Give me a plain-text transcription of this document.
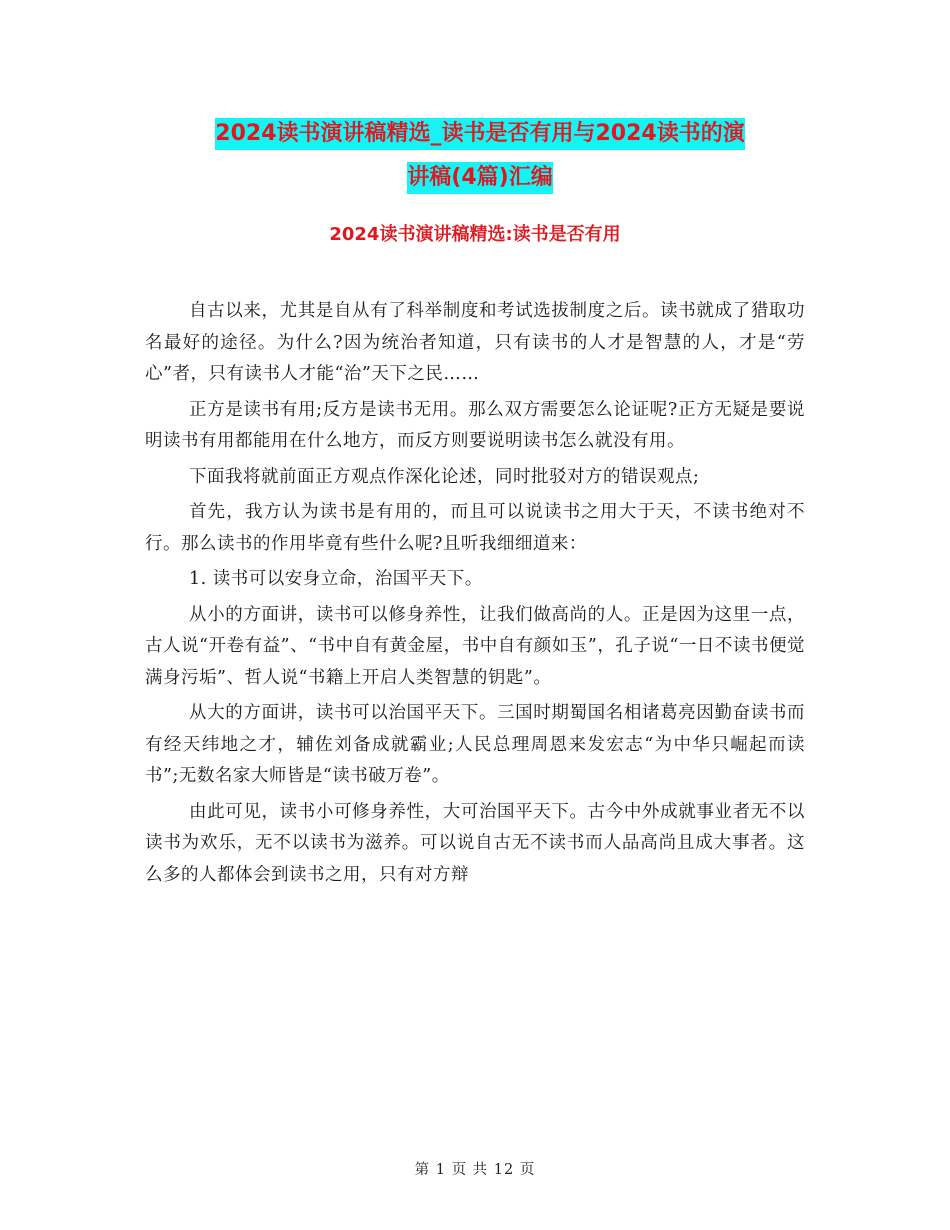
2024读书演讲稿精选_读书是否有用与2024读书的演
讲稿(4篇)汇编
2024读书演讲稿精选:读书是否有用

自古以来，尤其是自从有了科举制度和考试选拔制度之后。读书就成了猎取功名最好的途径。为什么?因为统治者知道，只有读书的人才是智慧的人，才是“劳心”者，只有读书人才能“治”天下之民……

正方是读书有用;反方是读书无用。那么双方需要怎么论证呢?正方无疑是要说明读书有用都能用在什么地方，而反方则要说明读书怎么就没有用。

下面我将就前面正方观点作深化论述，同时批驳对方的错误观点;

首先，我方认为读书是有用的，而且可以说读书之用大于天，不读书绝对不行。那么读书的作用毕竟有些什么呢?且听我细细道来：

1. 读书可以安身立命，治国平天下。

从小的方面讲，读书可以修身养性，让我们做高尚的人。正是因为这里一点，古人说“开卷有益”、“书中自有黄金屋，书中自有颜如玉”，孔子说“一日不读书便觉满身污垢”、哲人说“书籍上开启人类智慧的钥匙”。

从大的方面讲，读书可以治国平天下。三国时期蜀国名相诸葛亮因勤奋读书而有经天纬地之才，辅佐刘备成就霸业;人民总理周恩来发宏志“为中华只崛起而读书”;无数名家大师皆是“读书破万卷”。

由此可见，读书小可修身养性，大可治国平天下。古今中外成就事业者无不以读书为欢乐，无不以读书为滋养。可以说自古无不读书而人品高尚且成大事者。这么多的人都体会到读书之用，只有对方辩

第 1 页 共 12 页
